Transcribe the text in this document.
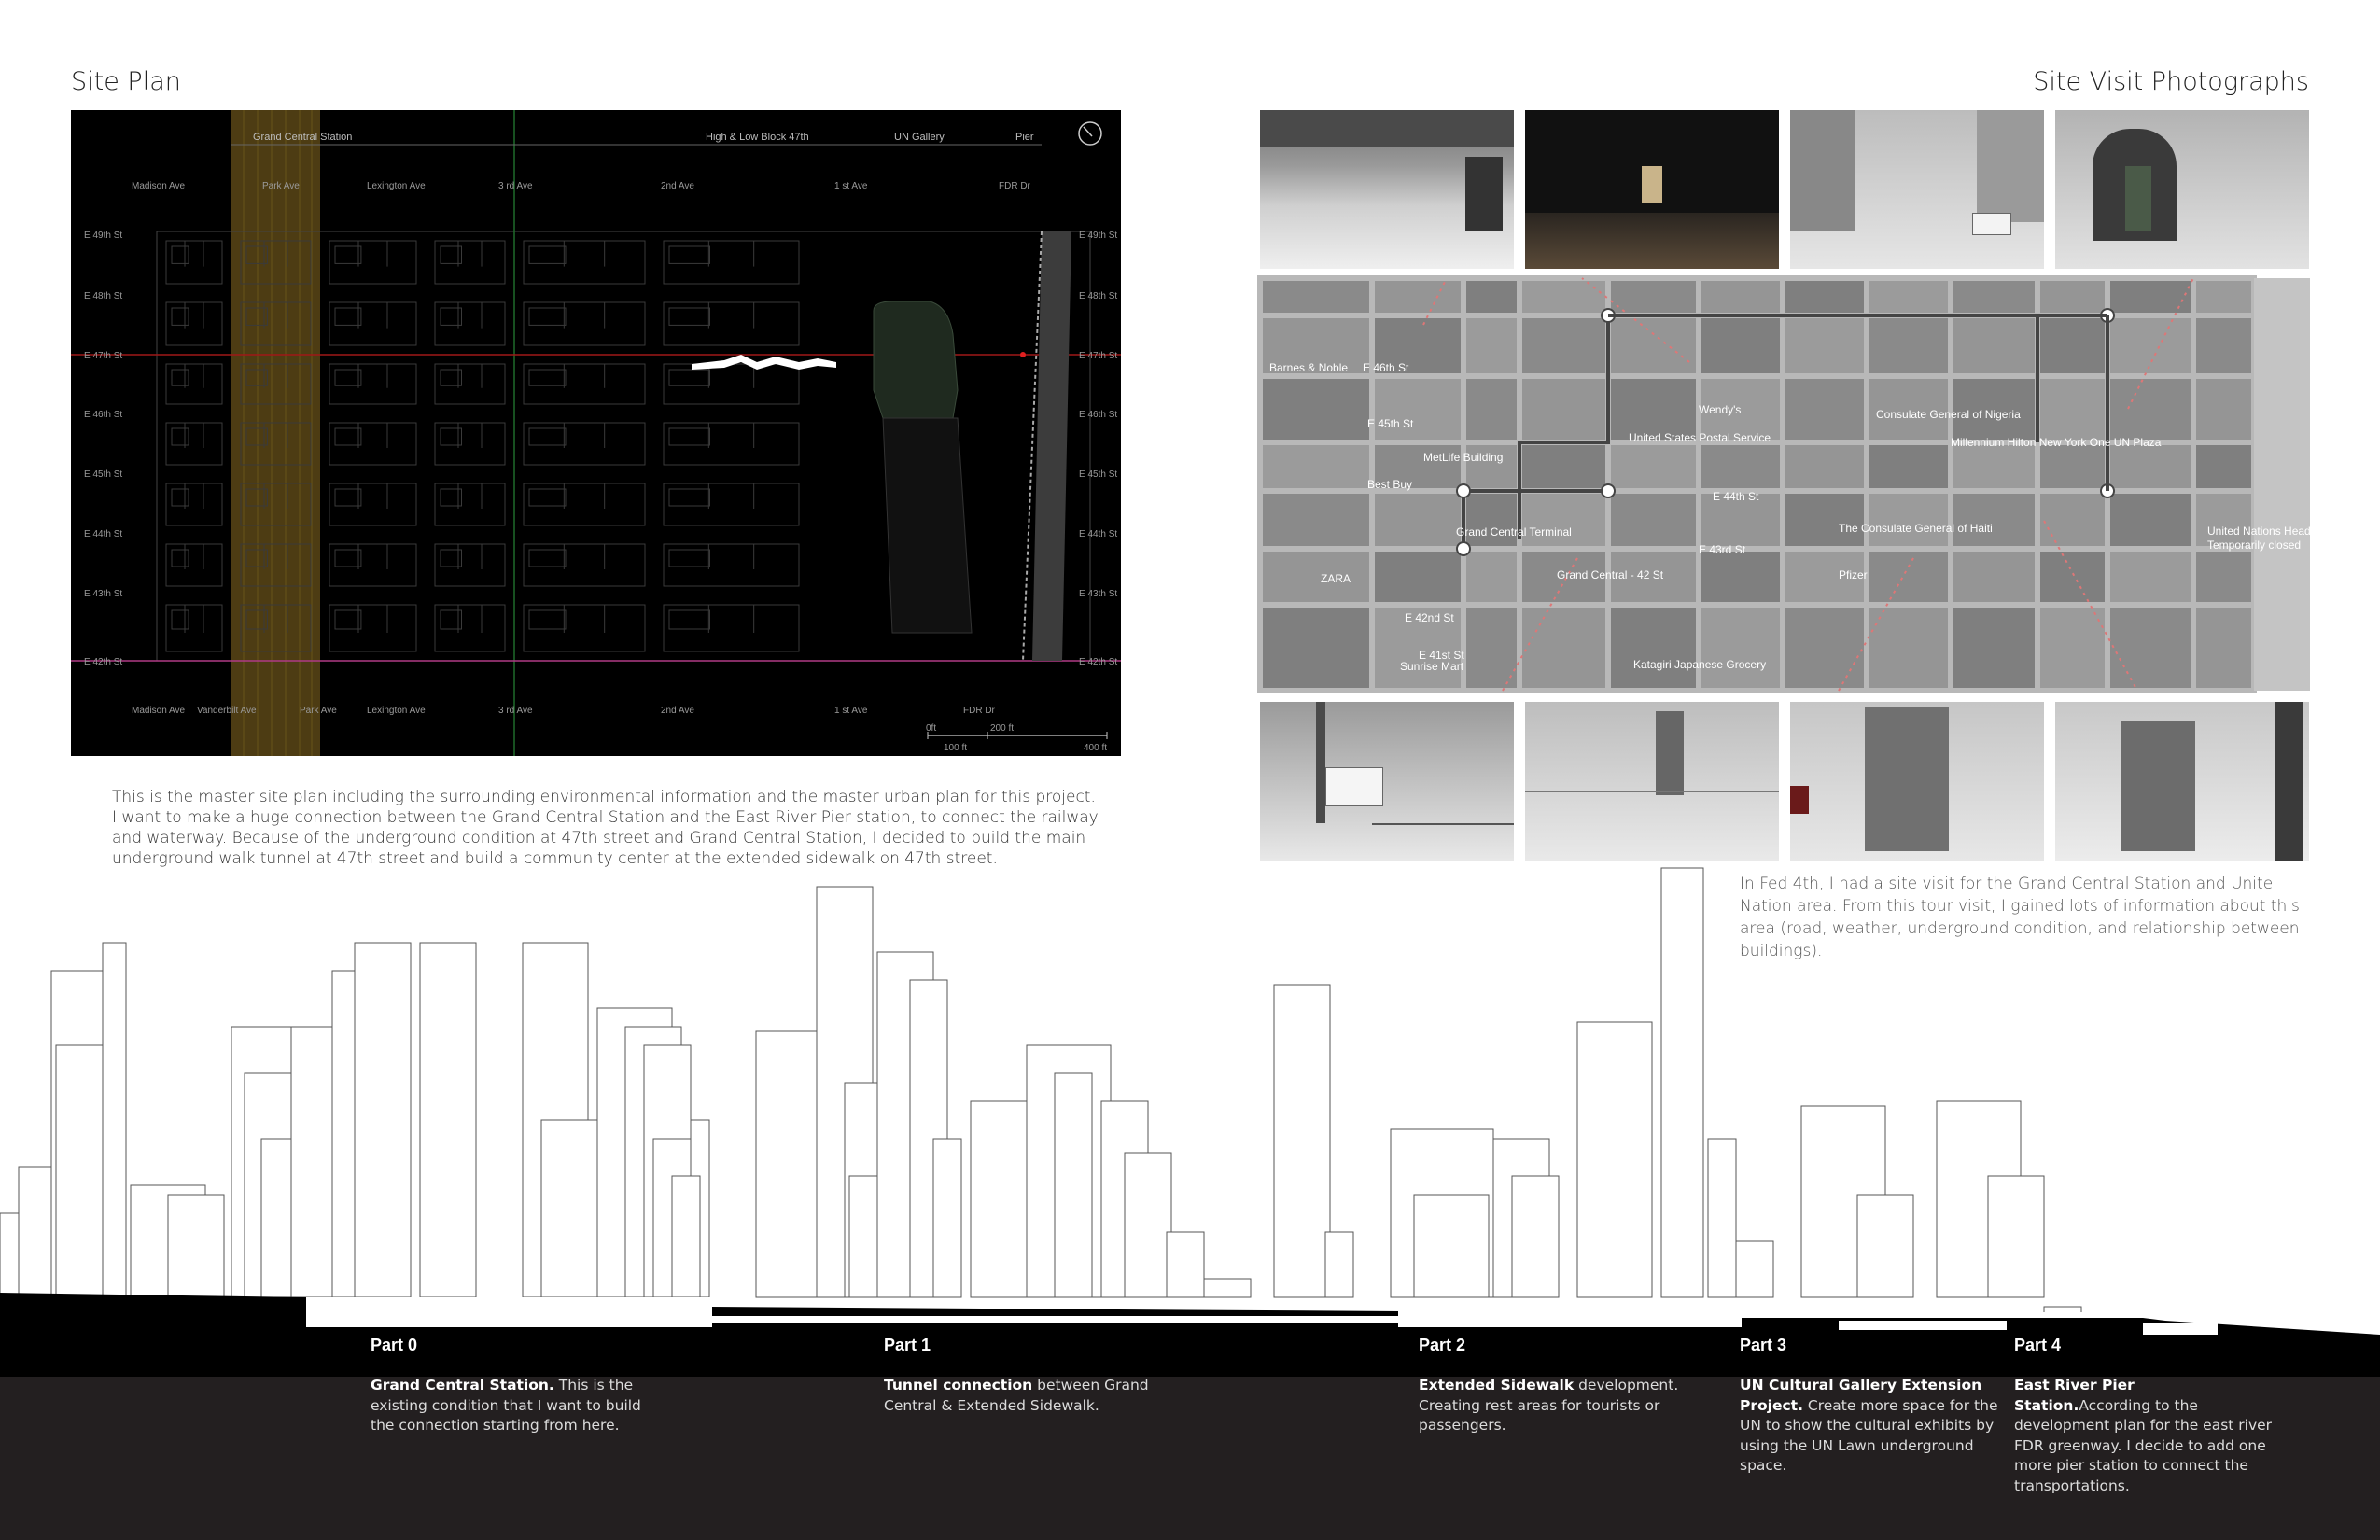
Site Plan	Site Visit Photographs
Grand Central Station	High & Low Block 47th	UN Gallery	Pier
Madison Ave	Park Ave	Lexington Ave	3 rd Ave	2nd Ave	1 st Ave	FDR Dr
Madison Ave Vanderbilt Ave	Park Ave	Lexington Ave	3 rd Ave	2nd Ave	1 st Ave	FDR Dr
E 49th St
E 48th St
E 47th St
E 46th St
E 45th St
E 44th St
E 43th St
E 42th St
E 49th St
E 48th St
E 47th St
E 46th St
E 45th St
E 44th St
E 43th St
E 42th St
0ft
100 ft
200 ft
400 ft
This is the master site plan including the surrounding environmental information and the master urban plan for this project. I want to make a huge connection between the Grand Central Station and the East River Pier station, to connect the railway and waterway. Because of the underground condition at 47th street and Grand Central Station, I decided to build the main underground walk tunnel at 47th street and build a community center at the extended sidewalk on 47th street.
Barnes & Noble E 46th St
E 45th St
United States Postal Service
Wendy's	Consulate General of Nigeria
Millennium Hilton New York One UN Plaza
MetLife Building
Best Buy
E 44th St
The Consulate General of Haiti
Grand Central Terminal
Grand Central - 42 St
E 43rd St
Pfizer
United Nations Headquarters
Temporarily closed
ZARA
E 42nd St
Sunrise Mart	Katagiri Japanese Grocery
E 41st St
In Fed 4th, I had a site visit for the Grand Central Station and Unite Nation area. From this tour visit, I gained lots of information about this area (road, weather, underground condition, and relationship between buildings).
Part 0	Part 1	Part 2	Part 3	Part 4
Grand Central Station. This is the existing condition that I want to build the connection starting from here.
Tunnel connection between Grand Central & Extended Sidewalk.
Extended Sidewalk development. Creating rest areas for tourists or passengers.
UN Cultural Gallery Extension Project. Create more space for the UN to show the cultural exhibits by using the UN Lawn underground space.
East River Pier Station.According to the development plan for the east river FDR greenway. I decide to add one more pier station to connect the transportations.
